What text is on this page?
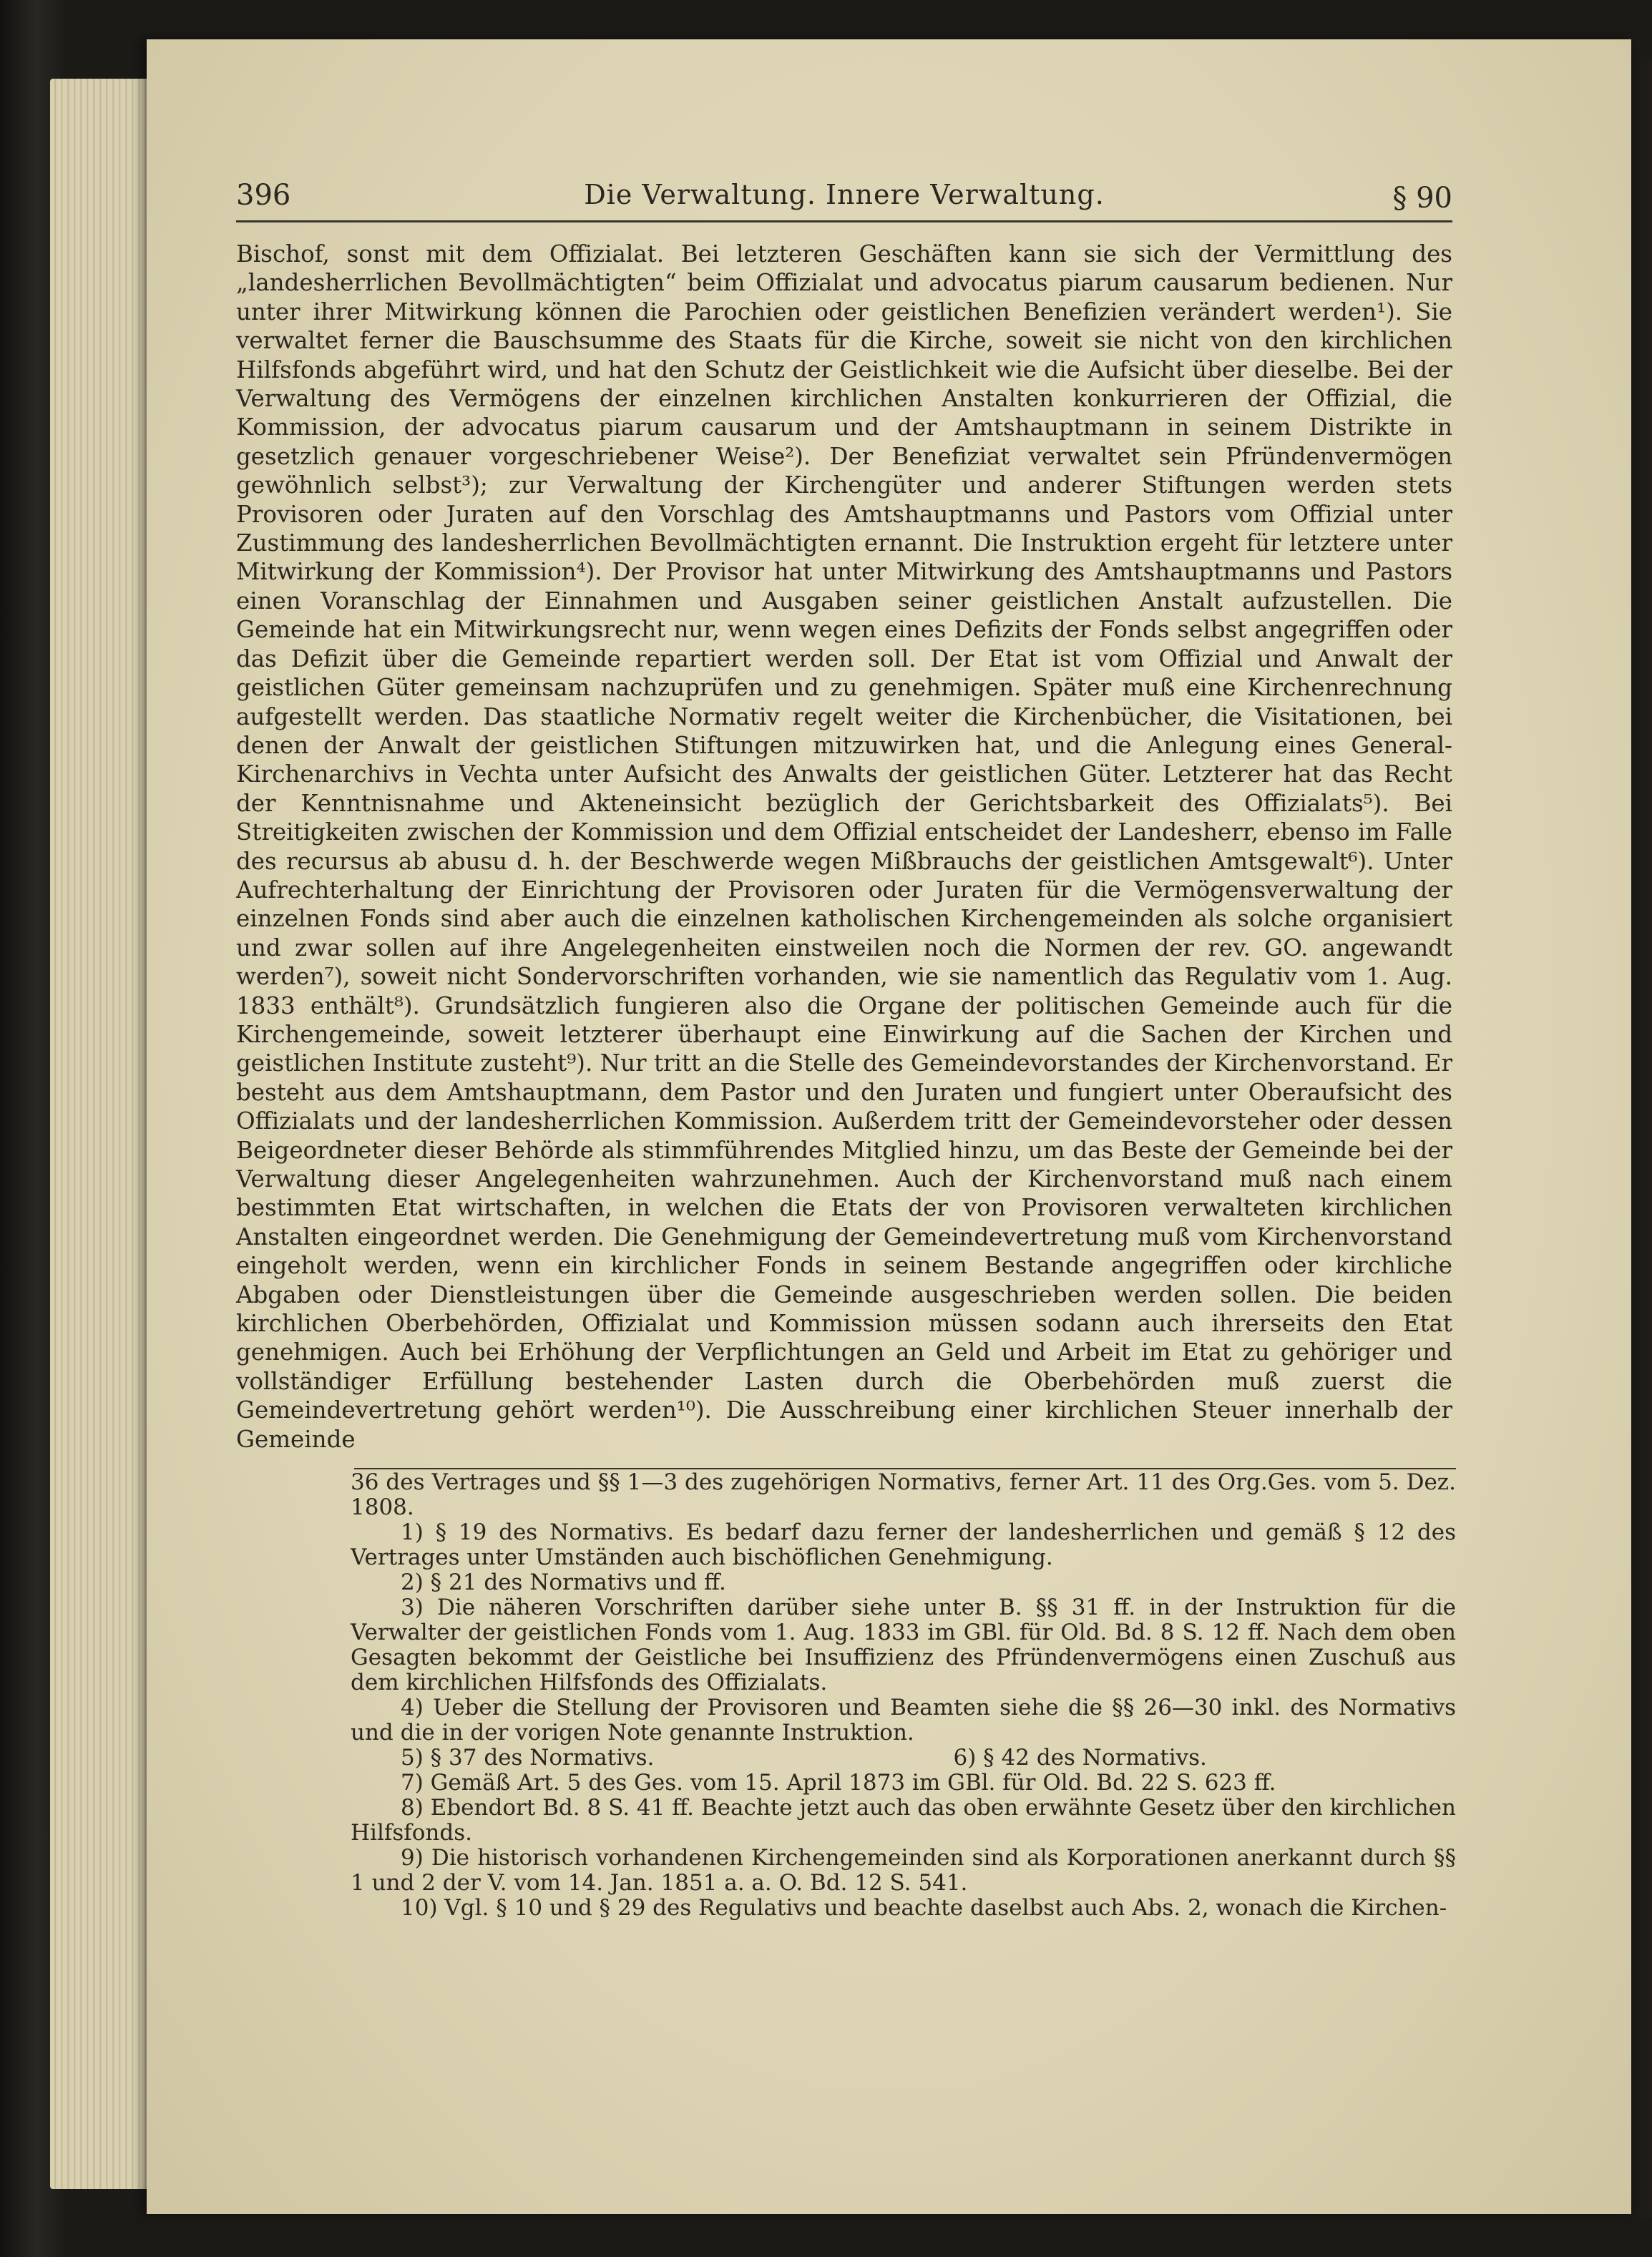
396	Die Verwaltung. Innere Verwaltung.	§ 90

Bischof, sonst mit dem Offizialat. Bei letzteren Geschäften kann sie sich der Vermittlung des „landesherrlichen Bevollmächtigten“ beim Offizialat und advocatus piarum causarum bedienen. Nur unter ihrer Mitwirkung können die Parochien oder geistlichen Benefizien verändert werden¹). Sie verwaltet ferner die Bauschsumme des Staats für die Kirche, soweit sie nicht von den kirchlichen Hilfsfonds abgeführt wird, und hat den Schutz der Geistlichkeit wie die Aufsicht über dieselbe. Bei der Verwaltung des Vermögens der einzelnen kirchlichen Anstalten konkurrieren der Offizial, die Kommission, der advocatus piarum causarum und der Amtshauptmann in seinem Distrikte in gesetzlich genauer vorgeschriebener Weise²). Der Benefiziat verwaltet sein Pfründenvermögen gewöhnlich selbst³); zur Verwaltung der Kirchengüter und anderer Stiftungen werden stets Provisoren oder Juraten auf den Vorschlag des Amtshauptmanns und Pastors vom Offizial unter Zustimmung des landesherrlichen Bevollmächtigten ernannt. Die Instruktion ergeht für letztere unter Mitwirkung der Kommission⁴). Der Provisor hat unter Mitwirkung des Amtshauptmanns und Pastors einen Voranschlag der Einnahmen und Ausgaben seiner geistlichen Anstalt aufzustellen. Die Gemeinde hat ein Mitwirkungsrecht nur, wenn wegen eines Defizits der Fonds selbst angegriffen oder das Defizit über die Gemeinde repartiert werden soll. Der Etat ist vom Offizial und Anwalt der geistlichen Güter gemeinsam nachzuprüfen und zu genehmigen. Später muß eine Kirchenrechnung aufgestellt werden. Das staatliche Normativ regelt weiter die Kirchenbücher, die Visitationen, bei denen der Anwalt der geistlichen Stiftungen mitzuwirken hat, und die Anlegung eines General-Kirchenarchivs in Vechta unter Aufsicht des Anwalts der geistlichen Güter. Letzterer hat das Recht der Kenntnisnahme und Akteneinsicht bezüglich der Gerichtsbarkeit des Offizialats⁵). Bei Streitigkeiten zwischen der Kommission und dem Offizial entscheidet der Landesherr, ebenso im Falle des recursus ab abusu d. h. der Beschwerde wegen Mißbrauchs der geistlichen Amtsgewalt⁶). Unter Aufrechterhaltung der Einrichtung der Provisoren oder Juraten für die Vermögensverwaltung der einzelnen Fonds sind aber auch die einzelnen katholischen Kirchengemeinden als solche organisiert und zwar sollen auf ihre Angelegenheiten einstweilen noch die Normen der rev. GO. angewandt werden⁷), soweit nicht Sondervorschriften vorhanden, wie sie namentlich das Regulativ vom 1. Aug. 1833 enthält⁸). Grundsätzlich fungieren also die Organe der politischen Gemeinde auch für die Kirchengemeinde, soweit letzterer überhaupt eine Einwirkung auf die Sachen der Kirchen und geistlichen Institute zusteht⁹). Nur tritt an die Stelle des Gemeindevorstandes der Kirchenvorstand. Er besteht aus dem Amtshauptmann, dem Pastor und den Juraten und fungiert unter Oberaufsicht des Offizialats und der landesherrlichen Kommission. Außerdem tritt der Gemeindevorsteher oder dessen Beigeordneter dieser Behörde als stimmführendes Mitglied hinzu, um das Beste der Gemeinde bei der Verwaltung dieser Angelegenheiten wahrzunehmen. Auch der Kirchenvorstand muß nach einem bestimmten Etat wirtschaften, in welchen die Etats der von Provisoren verwalteten kirchlichen Anstalten eingeordnet werden. Die Genehmigung der Gemeindevertretung muß vom Kirchenvorstand eingeholt werden, wenn ein kirchlicher Fonds in seinem Bestande angegriffen oder kirchliche Abgaben oder Dienstleistungen über die Gemeinde ausgeschrieben werden sollen. Die beiden kirchlichen Oberbehörden, Offizialat und Kommission müssen sodann auch ihrerseits den Etat genehmigen. Auch bei Erhöhung der Verpflichtungen an Geld und Arbeit im Etat zu gehöriger und vollständiger Erfüllung bestehender Lasten durch die Oberbehörden muß zuerst die Gemeindevertretung gehört werden¹⁰). Die Ausschreibung einer kirchlichen Steuer innerhalb der Gemeinde

36 des Vertrages und §§ 1—3 des zugehörigen Normativs, ferner Art. 11 des Org.Ges. vom 5. Dez. 1808.

1) § 19 des Normativs. Es bedarf dazu ferner der landesherrlichen und gemäß § 12 des Vertrages unter Umständen auch bischöflichen Genehmigung.

2) § 21 des Normativs und ff.

3) Die näheren Vorschriften darüber siehe unter B. §§ 31 ff. in der Instruktion für die Verwalter der geistlichen Fonds vom 1. Aug. 1833 im GBl. für Old. Bd. 8 S. 12 ff. Nach dem oben Gesagten bekommt der Geistliche bei Insuffizienz des Pfründenvermögens einen Zuschuß aus dem kirchlichen Hilfsfonds des Offizialats.

4) Ueber die Stellung der Provisoren und Beamten siehe die §§ 26—30 inkl. des Normativs und die in der vorigen Note genannte Instruktion.

5) § 37 des Normativs.	6) § 42 des Normativs.

7) Gemäß Art. 5 des Ges. vom 15. April 1873 im GBl. für Old. Bd. 22 S. 623 ff.

8) Ebendort Bd. 8 S. 41 ff. Beachte jetzt auch das oben erwähnte Gesetz über den kirchlichen Hilfsfonds.

9) Die historisch vorhandenen Kirchengemeinden sind als Korporationen anerkannt durch §§ 1 und 2 der V. vom 14. Jan. 1851 a. a. O. Bd. 12 S. 541.

10) Vgl. § 10 und § 29 des Regulativs und beachte daselbst auch Abs. 2, wonach die Kirchen-
